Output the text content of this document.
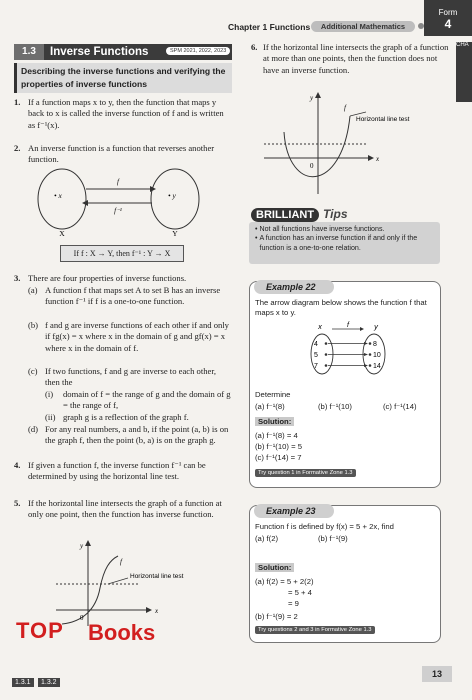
Chapter 1 Functions	Additional Mathematics
Form
4
CHA
1.3	Inverse Functions	SPM 2021, 2022, 2023
Describing the inverse functions and verifying the properties of inverse functions
1. If a function maps x to y, then the function that maps y back to x is called the inverse function of f and is written as f⁻¹(x).
2. An inverse function is a function that reverses another function.
f
f⁻¹
• x	• y
X	Y
If f : X → Y, then f⁻¹ : Y → X
3. There are four properties of inverse functions.
(a) A function f that maps set A to set B has an inverse function f⁻¹ if f is a one-to-one function.
(b) f and g are inverse functions of each other if and only if fg(x) = x where x in the domain of g and gf(x) = x where x in the domain of f.
(c) If two functions, f and g are inverse to each other, then the
(i) domain of f = the range of g and the domain of g = the range of f,
(ii) graph g is a reflection of the graph f.
(d) For any real numbers, a and b, if the point (a, b) is on the graph f, then the point (b, a) is on the graph g.
4. If given a function f, the inverse function f⁻¹ can be determined by using the horizontal line test.
5. If the horizontal line intersects the graph of a function at only one point, then the function has inverse function.
y
x
0
f
Horizontal line test
6. If the horizontal line intersects the graph of a function at more than one points, then the function does not have an inverse function.
y
x
0
f
Horizontal line test
BRILLIANT Tips
• Not all functions have inverse functions.
• A function has an inverse function if and only if the function is a one-to-one relation.
Example 22
The arrow diagram below shows the function f that maps x to y.
x	f	y
4
5
7
8
10
14
Determine
(a) f⁻¹(8)	(b) f⁻¹(10)	(c) f⁻¹(14)
Solution:
(a) f⁻¹(8) = 4
(b) f⁻¹(10) = 5
(c) f⁻¹(14) = 7
Try question 1 in Formative Zone 1.3
Example 23
Function f is defined by f(x) = 5 + 2x, find
(a) f(2)	(b) f⁻¹(9)
Solution:
(a) f(2) = 5 + 2(2)
= 5 + 4
= 9
(b) f⁻¹(9) = 2
Try questions 2 and 3 in Formative Zone 1.3
13
TOP Books
1.3.1	1.3.2
